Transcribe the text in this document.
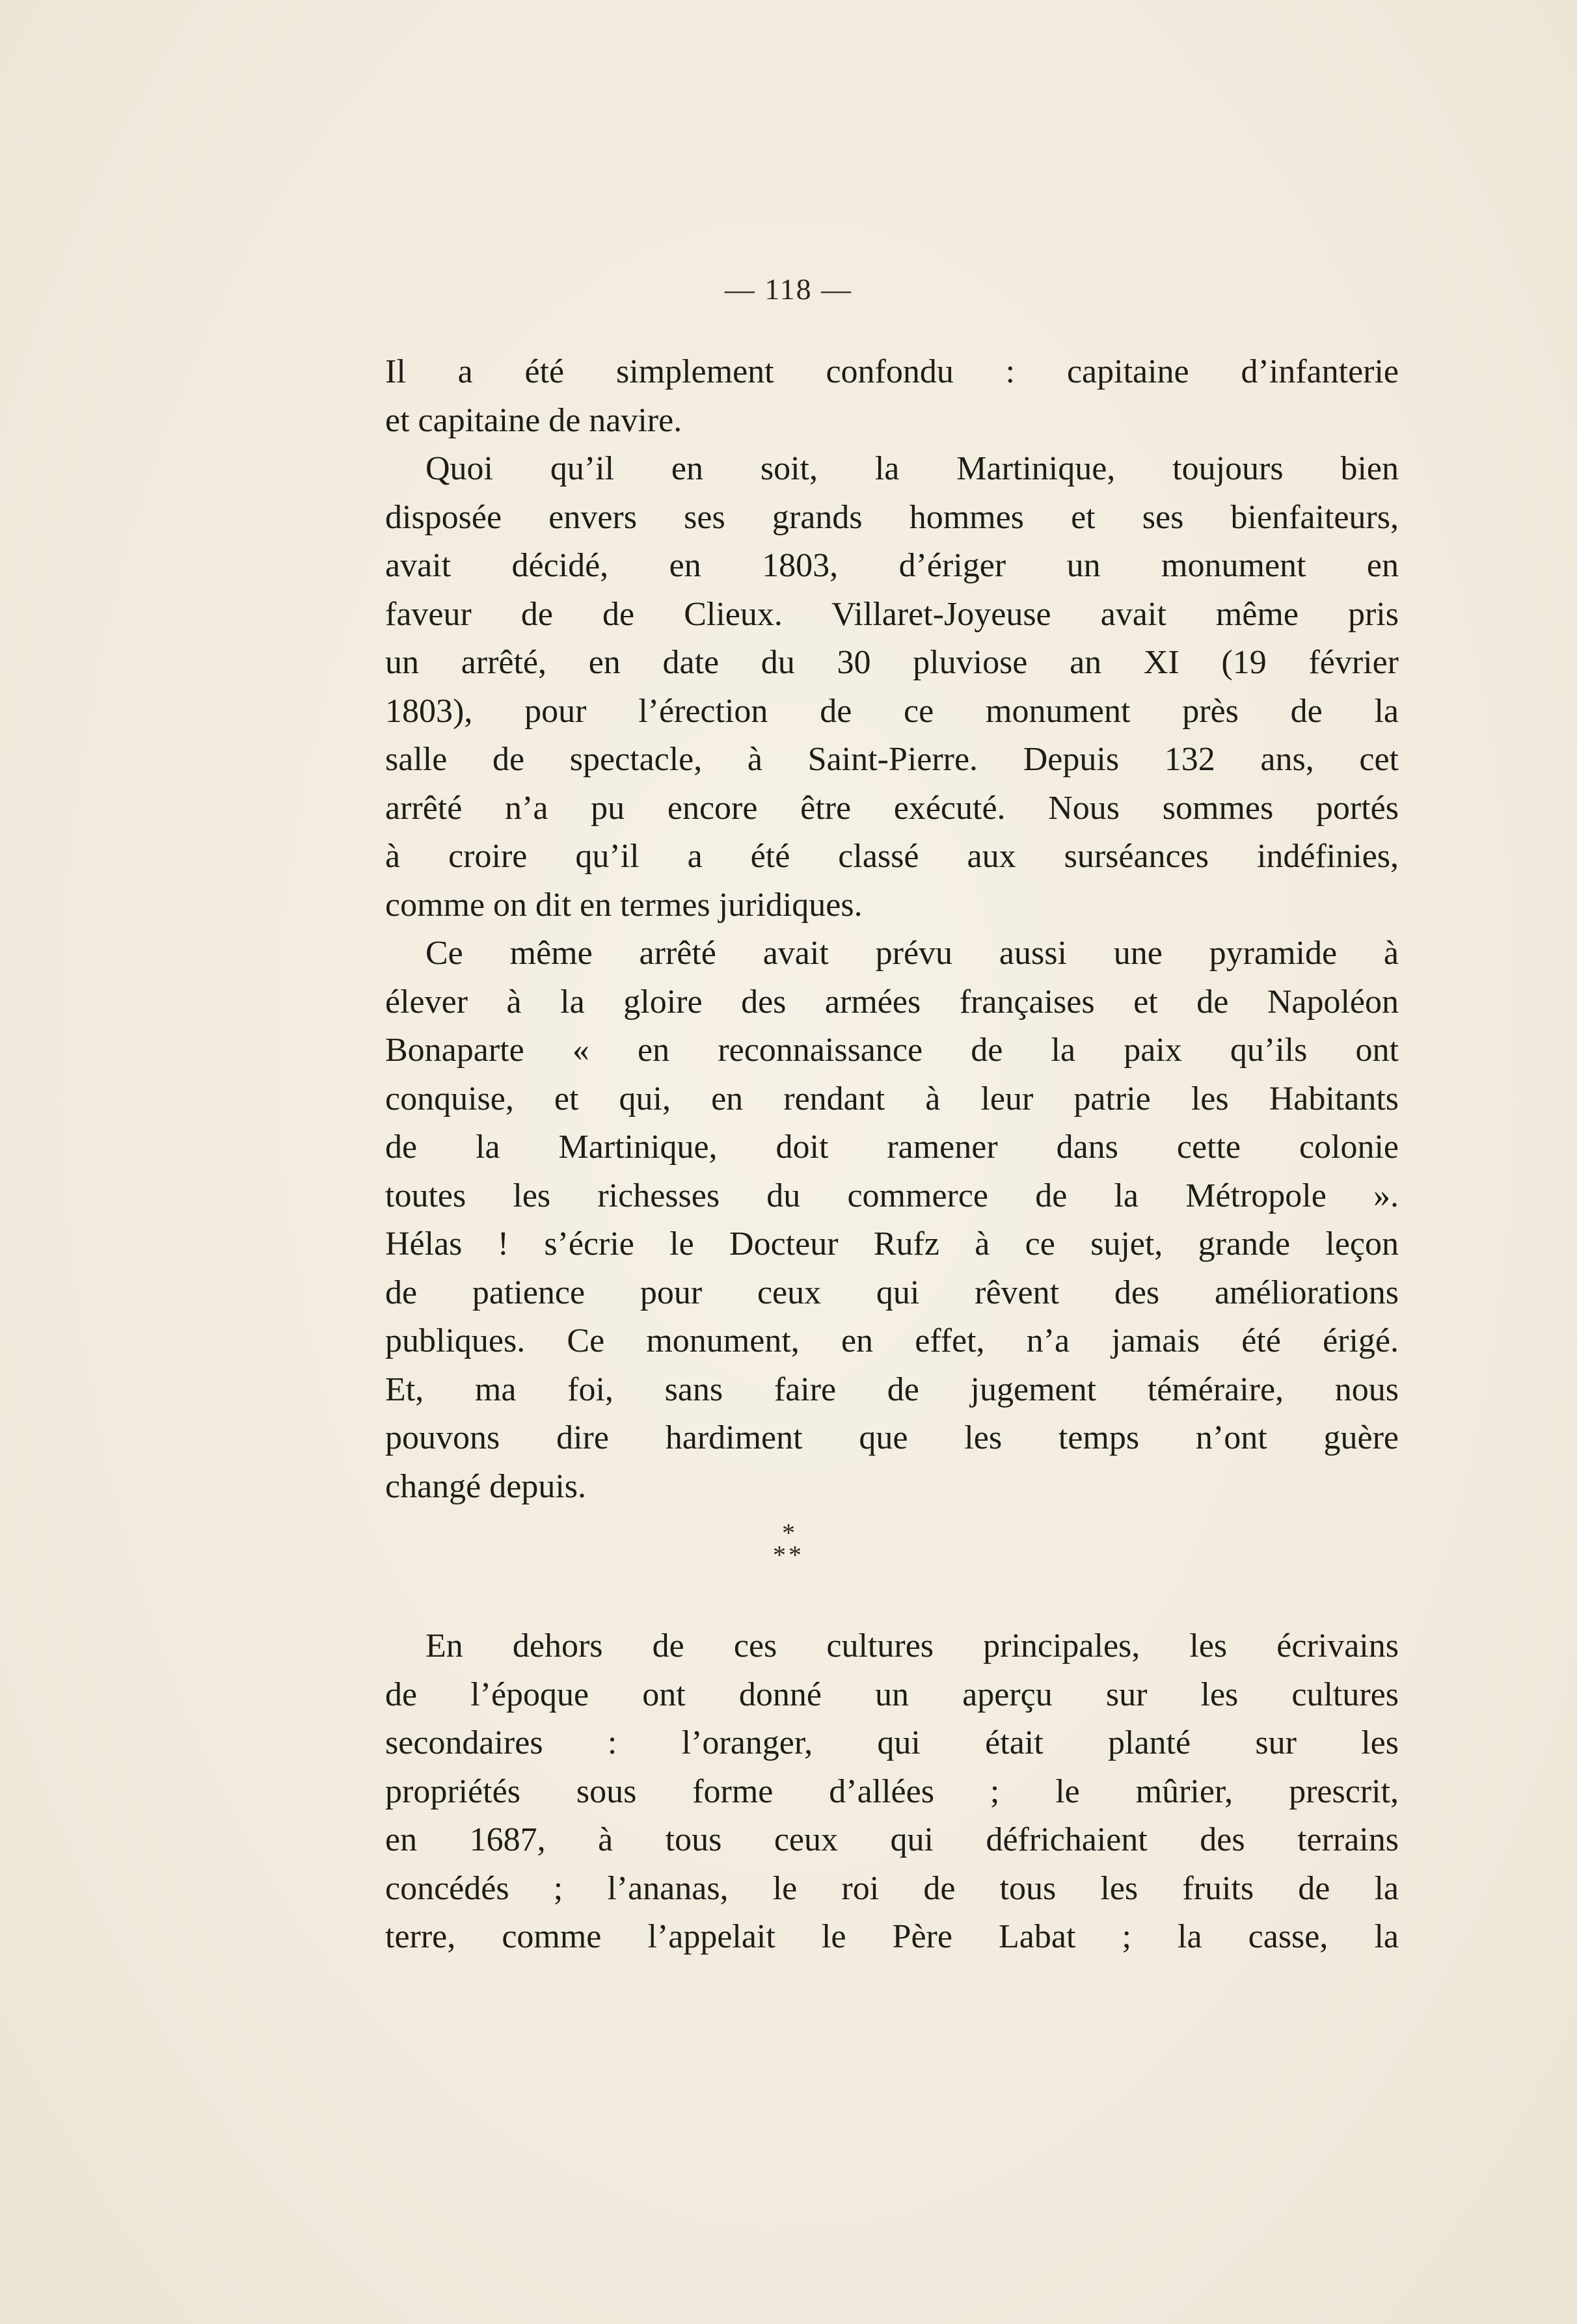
— 118 —
Il a été simplement confondu : capitaine d’infanterie
et capitaine de navire.
Quoi qu’il en soit, la Martinique, toujours bien
disposée envers ses grands hommes et ses bienfaiteurs,
avait décidé, en 1803, d’ériger un monument en
faveur de de Clieux. Villaret-Joyeuse avait même pris
un arrêté, en date du 30 pluviose an XI (19 février
1803), pour l’érection de ce monument près de la
salle de spectacle, à Saint-Pierre. Depuis 132 ans, cet
arrêté n’a pu encore être exécuté. Nous sommes portés
à croire qu’il a été classé aux surséances indéfinies,
comme on dit en termes juridiques.
Ce même arrêté avait prévu aussi une pyramide à
élever à la gloire des armées françaises et de Napoléon
Bonaparte « en reconnaissance de la paix qu’ils ont
conquise, et qui, en rendant à leur patrie les Habitants
de la Martinique, doit ramener dans cette colonie
toutes les richesses du commerce de la Métropole ».
Hélas ! s’écrie le Docteur Rufz à ce sujet, grande leçon
de patience pour ceux qui rêvent des améliorations
publiques. Ce monument, en effet, n’a jamais été érigé.
Et, ma foi, sans faire de jugement téméraire, nous
pouvons dire hardiment que les temps n’ont guère
changé depuis.
*
**
En dehors de ces cultures principales, les écrivains
de l’époque ont donné un aperçu sur les cultures
secondaires : l’oranger, qui était planté sur les
propriétés sous forme d’allées ; le mûrier, prescrit,
en 1687, à tous ceux qui défrichaient des terrains
concédés ; l’ananas, le roi de tous les fruits de la
terre, comme l’appelait le Père Labat ; la casse, la
